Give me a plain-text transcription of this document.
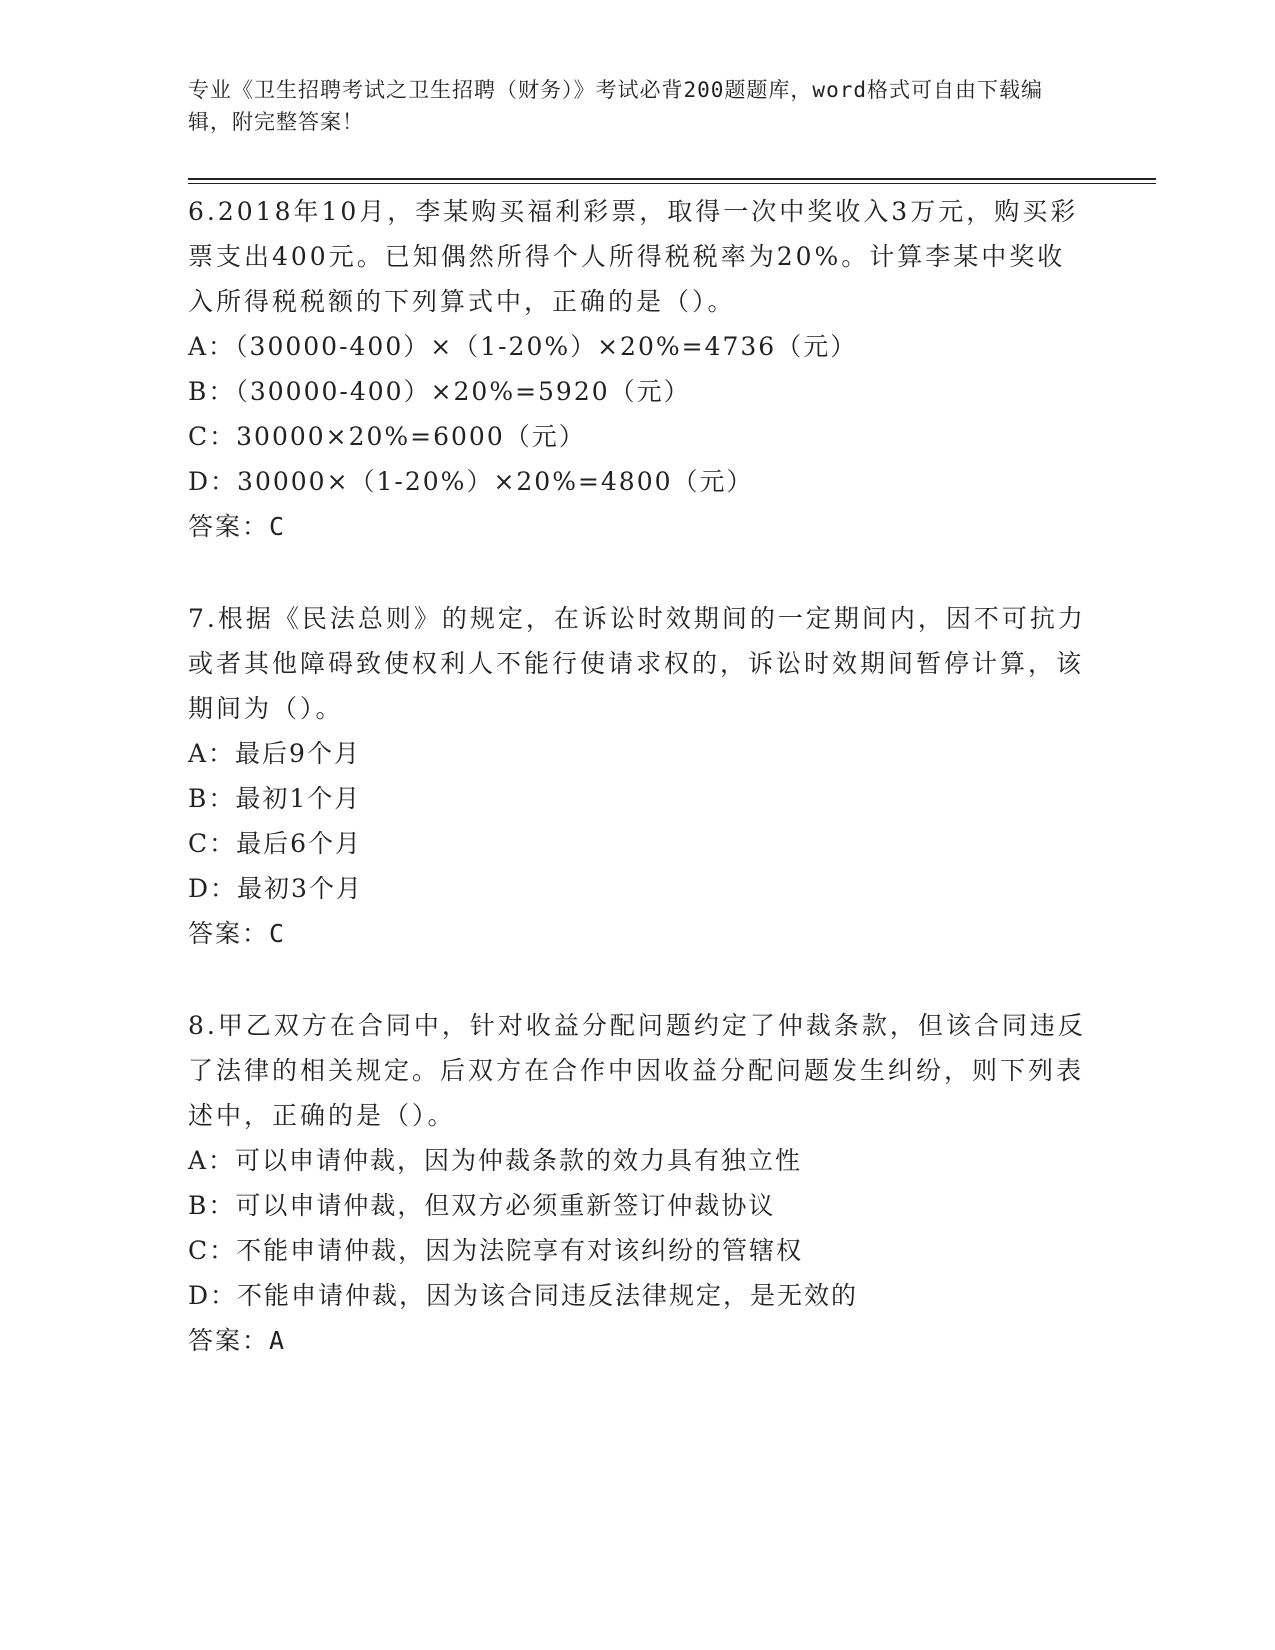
专业《卫生招聘考试之卫生招聘（财务）》考试必背200题题库，word格式可自由下载编辑，附完整答案！

6.2018年10月，李某购买福利彩票，取得一次中奖收入3万元，购买彩票支出400元。已知偶然所得个人所得税税率为20%。计算李某中奖收入所得税税额的下列算式中，正确的是（）。

A：（30000-400）×（1-20%）×20%=4736（元）

B：（30000-400）×20%=5920（元）

C：30000×20%=6000（元）

D：30000×（1-20%）×20%=4800（元）

答案：C

7.根据《民法总则》的规定，在诉讼时效期间的一定期间内，因不可抗力或者其他障碍致使权利人不能行使请求权的，诉讼时效期间暂停计算，该期间为（）。

A：最后9个月

B：最初1个月

C：最后6个月

D：最初3个月

答案：C

8.甲乙双方在合同中，针对收益分配问题约定了仲裁条款，但该合同违反了法律的相关规定。后双方在合作中因收益分配问题发生纠纷，则下列表述中，正确的是（）。

A：可以申请仲裁，因为仲裁条款的效力具有独立性

B：可以申请仲裁，但双方必须重新签订仲裁协议

C：不能申请仲裁，因为法院享有对该纠纷的管辖权

D：不能申请仲裁，因为该合同违反法律规定，是无效的

答案：A
